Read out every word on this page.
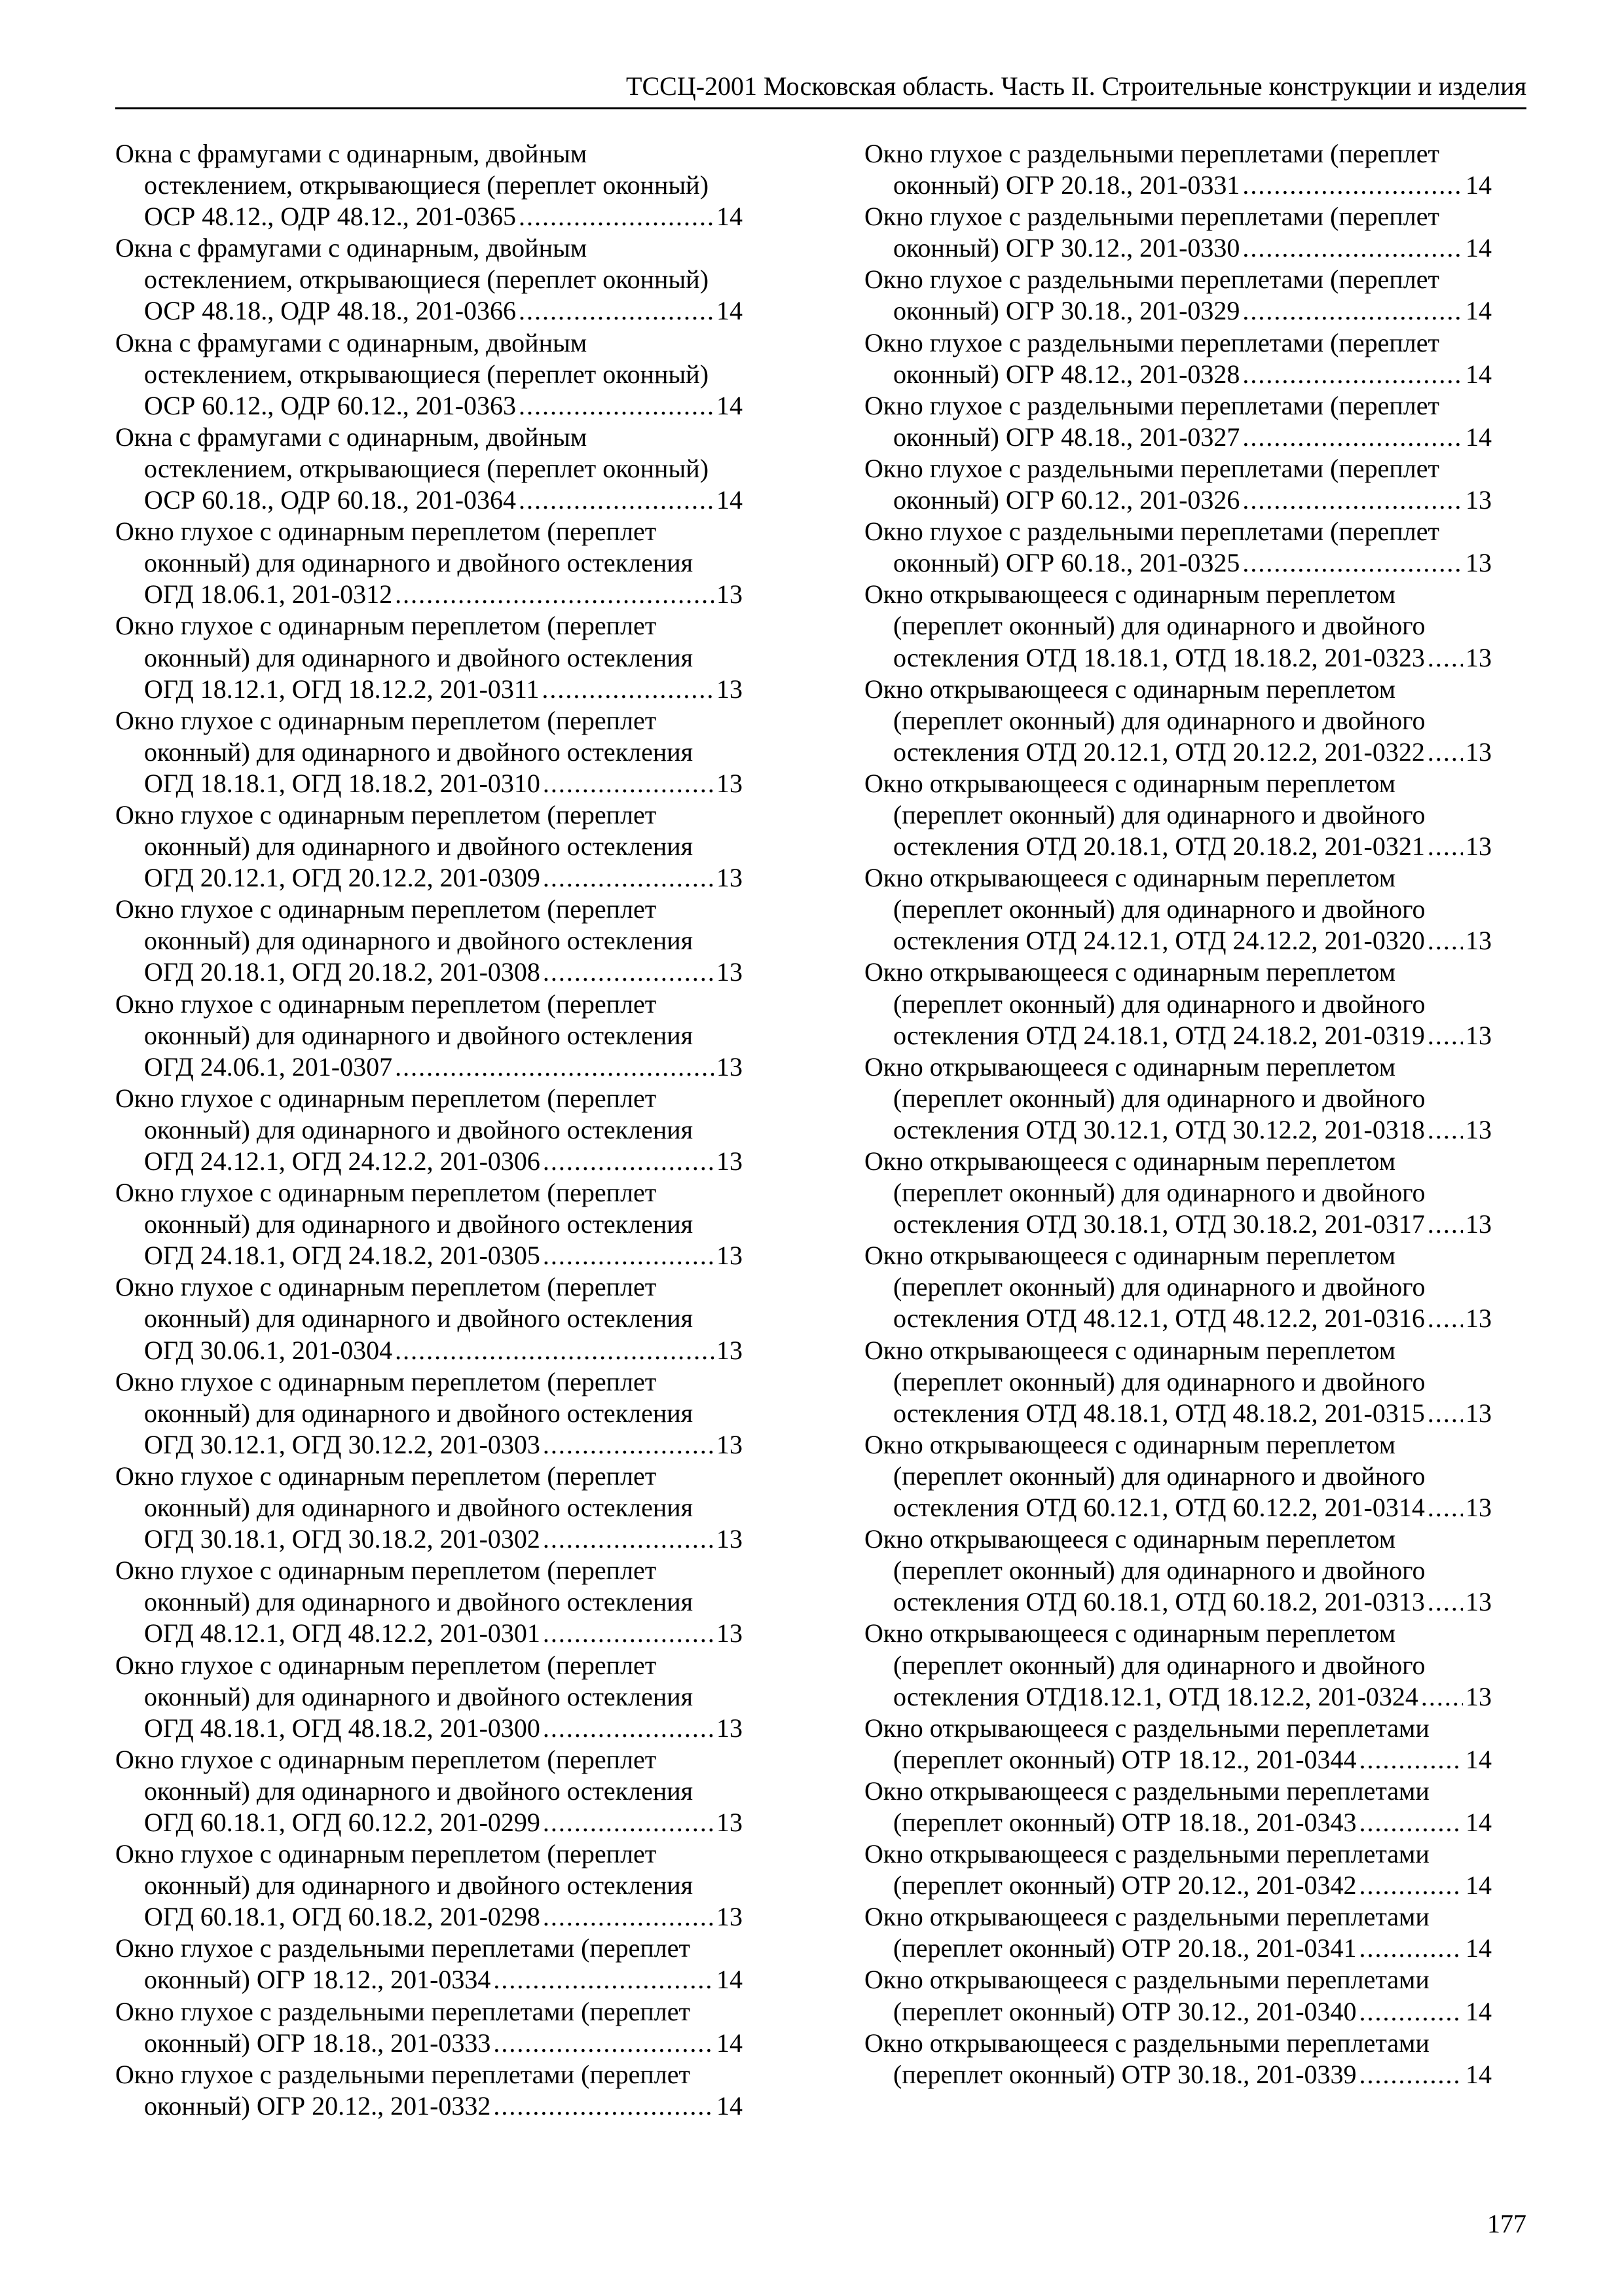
ТССЦ-2001 Московская область. Часть II. Строительные конструкции и изделия
Окна с фрамугами с одинарным, двойным
остеклением, открывающиеся (переплет оконный)
ОСР 48.12., ОДР 48.12., 201-0365 .....	14
Окна с фрамугами с одинарным, двойным
остеклением, открывающиеся (переплет оконный)
ОСР 48.18., ОДР 48.18., 201-0366 .....	14
Окна с фрамугами с одинарным, двойным
остеклением, открывающиеся (переплет оконный)
ОСР 60.12., ОДР 60.12., 201-0363 .....	14
Окна с фрамугами с одинарным, двойным
остеклением, открывающиеся (переплет оконный)
ОСР 60.18., ОДР 60.18., 201-0364 .....	14
Окно глухое с одинарным переплетом (переплет
оконный) для одинарного и двойного остекления
ОГД 18.06.1, 201-0312 .....	13
Окно глухое с одинарным переплетом (переплет
оконный) для одинарного и двойного остекления
ОГД 18.12.1, ОГД 18.12.2, 201-0311 .....	13
Окно глухое с одинарным переплетом (переплет
оконный) для одинарного и двойного остекления
ОГД 18.18.1, ОГД 18.18.2, 201-0310 .....	13
Окно глухое с одинарным переплетом (переплет
оконный) для одинарного и двойного остекления
ОГД 20.12.1, ОГД 20.12.2, 201-0309 .....	13
Окно глухое с одинарным переплетом (переплет
оконный) для одинарного и двойного остекления
ОГД 20.18.1, ОГД 20.18.2, 201-0308 .....	13
Окно глухое с одинарным переплетом (переплет
оконный) для одинарного и двойного остекления
ОГД 24.06.1, 201-0307 .....	13
Окно глухое с одинарным переплетом (переплет
оконный) для одинарного и двойного остекления
ОГД 24.12.1, ОГД 24.12.2, 201-0306 .....	13
Окно глухое с одинарным переплетом (переплет
оконный) для одинарного и двойного остекления
ОГД 24.18.1, ОГД 24.18.2, 201-0305 .....	13
Окно глухое с одинарным переплетом (переплет
оконный) для одинарного и двойного остекления
ОГД 30.06.1, 201-0304 .....	13
Окно глухое с одинарным переплетом (переплет
оконный) для одинарного и двойного остекления
ОГД 30.12.1, ОГД 30.12.2, 201-0303 .....	13
Окно глухое с одинарным переплетом (переплет
оконный) для одинарного и двойного остекления
ОГД 30.18.1, ОГД 30.18.2, 201-0302 .....	13
Окно глухое с одинарным переплетом (переплет
оконный) для одинарного и двойного остекления
ОГД 48.12.1, ОГД 48.12.2, 201-0301 .....	13
Окно глухое с одинарным переплетом (переплет
оконный) для одинарного и двойного остекления
ОГД 48.18.1, ОГД 48.18.2, 201-0300 .....	13
Окно глухое с одинарным переплетом (переплет
оконный) для одинарного и двойного остекления
ОГД 60.18.1, ОГД 60.12.2, 201-0299 .....	13
Окно глухое с одинарным переплетом (переплет
оконный) для одинарного и двойного остекления
ОГД 60.18.1, ОГД 60.18.2, 201-0298 .....	13
Окно глухое с раздельными переплетами (переплет
оконный) ОГР 18.12., 201-0334 .....	14
Окно глухое с раздельными переплетами (переплет
оконный) ОГР 18.18., 201-0333 .....	14
Окно глухое с раздельными переплетами (переплет
оконный) ОГР 20.12., 201-0332 .....	14
Окно глухое с раздельными переплетами (переплет
оконный) ОГР 20.18., 201-0331 .....	14
Окно глухое с раздельными переплетами (переплет
оконный) ОГР 30.12., 201-0330 .....	14
Окно глухое с раздельными переплетами (переплет
оконный) ОГР 30.18., 201-0329 .....	14
Окно глухое с раздельными переплетами (переплет
оконный) ОГР 48.12., 201-0328 .....	14
Окно глухое с раздельными переплетами (переплет
оконный) ОГР 48.18., 201-0327 .....	14
Окно глухое с раздельными переплетами (переплет
оконный) ОГР 60.12., 201-0326 .....	13
Окно глухое с раздельными переплетами (переплет
оконный) ОГР 60.18., 201-0325 .....	13
Окно открывающееся с одинарным переплетом
(переплет оконный) для одинарного и двойного
остекления ОТД 18.18.1, ОТД 18.18.2, 201-0323 ..... 13
Окно открывающееся с одинарным переплетом
(переплет оконный) для одинарного и двойного
остекления ОТД 20.12.1, ОТД 20.12.2, 201-0322 ..... 13
Окно открывающееся с одинарным переплетом
(переплет оконный) для одинарного и двойного
остекления ОТД 20.18.1, ОТД 20.18.2, 201-0321 ..... 13
Окно открывающееся с одинарным переплетом
(переплет оконный) для одинарного и двойного
остекления ОТД 24.12.1, ОТД 24.12.2, 201-0320 ..... 13
Окно открывающееся с одинарным переплетом
(переплет оконный) для одинарного и двойного
остекления ОТД 24.18.1, ОТД 24.18.2, 201-0319 ..... 13
Окно открывающееся с одинарным переплетом
(переплет оконный) для одинарного и двойного
остекления ОТД 30.12.1, ОТД 30.12.2, 201-0318 ..... 13
Окно открывающееся с одинарным переплетом
(переплет оконный) для одинарного и двойного
остекления ОТД 30.18.1, ОТД 30.18.2, 201-0317 ..... 13
Окно открывающееся с одинарным переплетом
(переплет оконный) для одинарного и двойного
остекления ОТД 48.12.1, ОТД 48.12.2, 201-0316 ..... 13
Окно открывающееся с одинарным переплетом
(переплет оконный) для одинарного и двойного
остекления ОТД 48.18.1, ОТД 48.18.2, 201-0315 ..... 13
Окно открывающееся с одинарным переплетом
(переплет оконный) для одинарного и двойного
остекления ОТД 60.12.1, ОТД 60.12.2, 201-0314 ..... 13
Окно открывающееся с одинарным переплетом
(переплет оконный) для одинарного и двойного
остекления ОТД 60.18.1, ОТД 60.18.2, 201-0313 ..... 13
Окно открывающееся с одинарным переплетом
(переплет оконный) для одинарного и двойного
остекления ОТД18.12.1, ОТД 18.12.2, 201-0324 ..... 13
Окно открывающееся с раздельными переплетами
(переплет оконный) ОТР 18.12., 201-0344 .....	14
Окно открывающееся с раздельными переплетами
(переплет оконный) ОТР 18.18., 201-0343 .....	14
Окно открывающееся с раздельными переплетами
(переплет оконный) ОТР 20.12., 201-0342 .....	14
Окно открывающееся с раздельными переплетами
(переплет оконный) ОТР 20.18., 201-0341 .....	14
Окно открывающееся с раздельными переплетами
(переплет оконный) ОТР 30.12., 201-0340 .....	14
Окно открывающееся с раздельными переплетами
(переплет оконный) ОТР 30.18., 201-0339 .....	14
177
